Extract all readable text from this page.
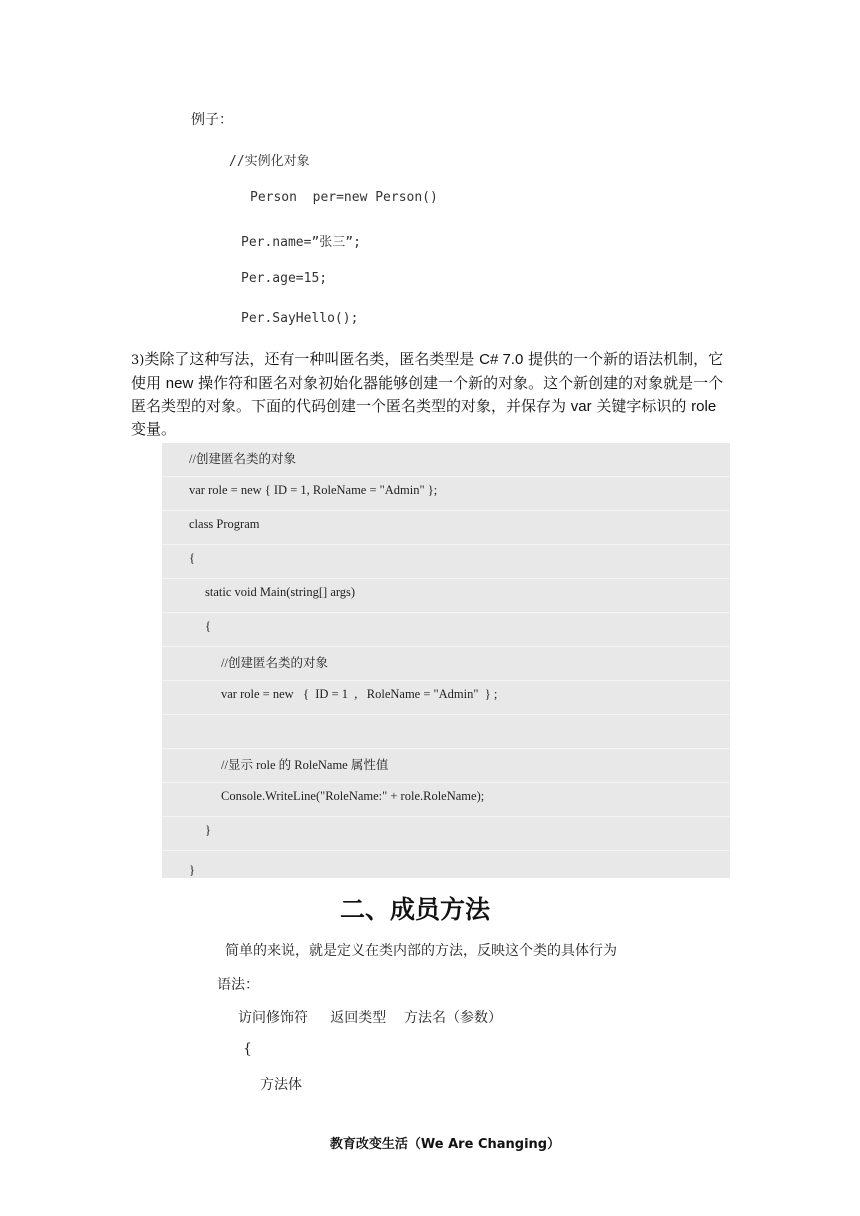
例子：
//实例化对象
Person  per=new Person()
Per.name=”张三”;
Per.age=15;
Per.SayHello();
3)类除了这种写法，还有一种叫匿名类，匿名类型是 C# 7.0 提供的一个新的语法机制，它使用 new 操作符和匿名对象初始化器能够创建一个新的对象。这个新创建的对象就是一个匿名类型的对象。下面的代码创建一个匿名类型的对象，并保存为 var 关键字标识的 role 变量。
//创建匿名类的对象
var role = new { ID = 1, RoleName = "Admin" };
class Program
{
static void Main(string[] args)
{
//创建匿名类的对象
var role = new   {  ID = 1  ,   RoleName = "Admin"  } ;
//显示 role 的 RoleName 属性值
Console.WriteLine("RoleName:" + role.RoleName);
}
}
二、成员方法
简单的来说，就是定义在类内部的方法，反映这个类的具体行为
语法：
访问修饰符     返回类型    方法名（参数）
{
方法体
教育改变生活（We Are Changing）
